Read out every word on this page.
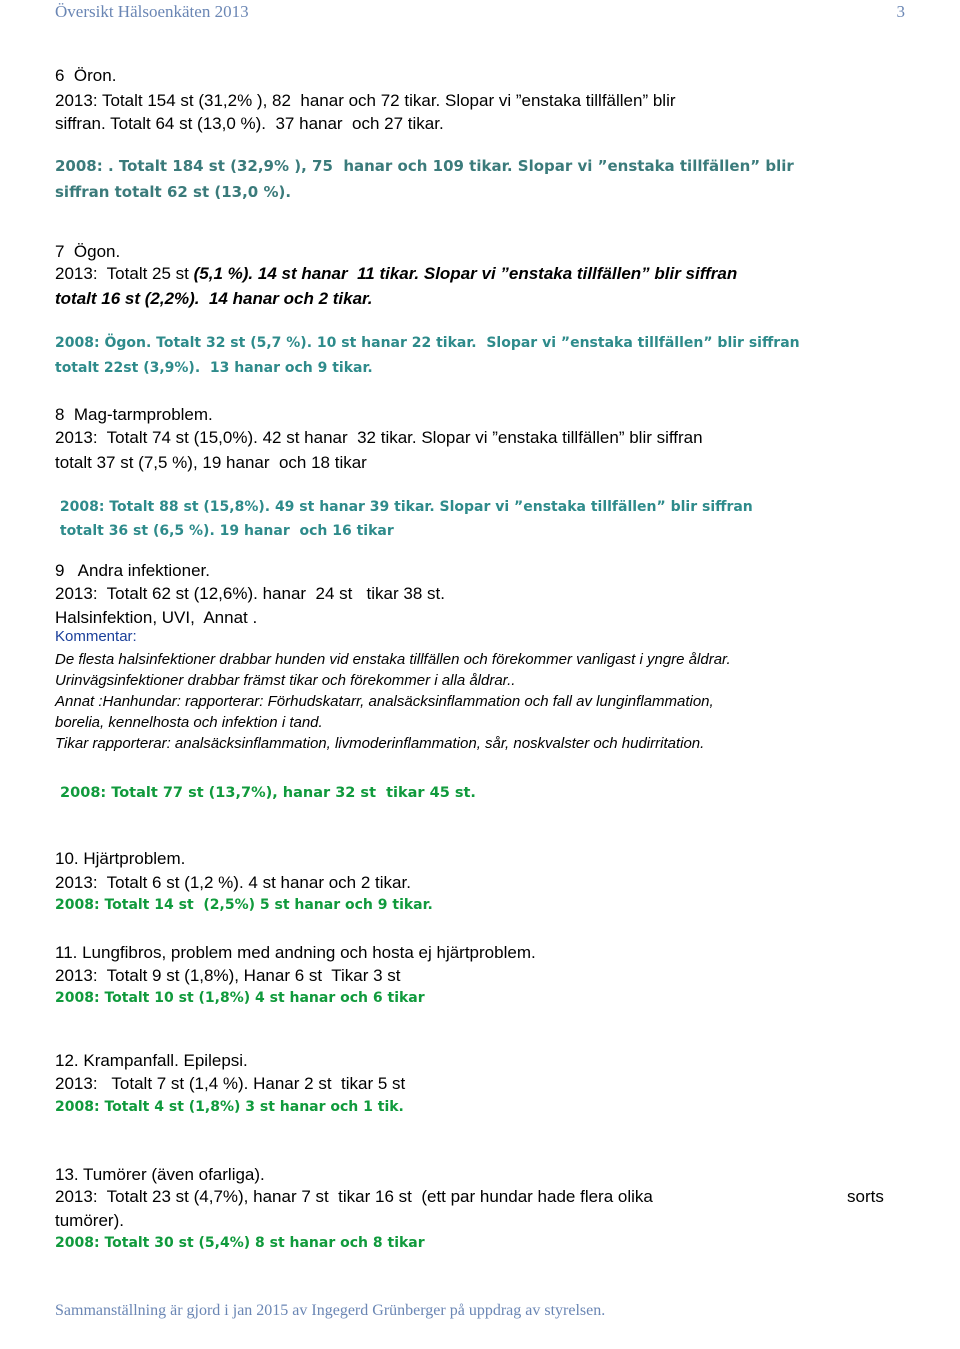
Översikt Hälsoenkäten 2013	3
6  Öron.
2013: Totalt 154 st (31,2% ), 82  hanar och 72 tikar. Slopar vi ”enstaka tillfällen” blir
siffran. Totalt 64 st (13,0 %).  37 hanar  och 27 tikar.
2008: . Totalt 184 st (32,9% ), 75  hanar och 109 tikar. Slopar vi ”enstaka tillfällen” blir
siffran totalt 62 st (13,0 %).
7  Ögon.
2013:  Totalt 25 st (5,1 %). 14 st hanar  11 tikar. Slopar vi ”enstaka tillfällen” blir siffran
totalt 16 st (2,2%).  14 hanar och 2 tikar.
2008: Ögon. Totalt 32 st (5,7 %). 10 st hanar 22 tikar.  Slopar vi ”enstaka tillfällen” blir siffran
totalt 22st (3,9%).  13 hanar och 9 tikar.
8  Mag-tarmproblem.
2013:  Totalt 74 st (15,0%). 42 st hanar  32 tikar. Slopar vi ”enstaka tillfällen” blir siffran
totalt 37 st (7,5 %), 19 hanar  och 18 tikar
2008: Totalt 88 st (15,8%). 49 st hanar 39 tikar. Slopar vi ”enstaka tillfällen” blir siffran
totalt 36 st (6,5 %). 19 hanar  och 16 tikar
9   Andra infektioner.
2013:  Totalt 62 st (12,6%). hanar  24 st   tikar 38 st.
Halsinfektion, UVI,  Annat .
Kommentar:
De flesta halsinfektioner drabbar hunden vid enstaka tillfällen och förekommer vanligast i yngre åldrar.
Urinvägsinfektioner drabbar främst tikar och förekommer i alla åldrar..
Annat :Hanhundar: rapporterar: Förhudskatarr, analsäcksinflammation och fall av lunginflammation,
borelia, kennelhosta och infektion i tand.
Tikar rapporterar: analsäcksinflammation, livmoderinflammation, sår, noskvalster och hudirritation.
2008: Totalt 77 st (13,7%), hanar 32 st  tikar 45 st.
10. Hjärtproblem.
2013:  Totalt 6 st (1,2 %). 4 st hanar och 2 tikar.
2008: Totalt 14 st  (2,5%) 5 st hanar och 9 tikar.
11. Lungfibros, problem med andning och hosta ej hjärtproblem.
2013:  Totalt 9 st (1,8%), Hanar 6 st  Tikar 3 st
2008: Totalt 10 st (1,8%) 4 st hanar och 6 tikar
12. Krampanfall. Epilepsi.
2013:   Totalt 7 st (1,4 %). Hanar 2 st  tikar 5 st
2008: Totalt 4 st (1,8%) 3 st hanar och 1 tik.
13. Tumörer (även ofarliga).
2013:  Totalt 23 st (4,7%), hanar 7 st  tikar 16 st  (ett par hundar hade flera olika	sorts
tumörer).
2008: Totalt 30 st (5,4%) 8 st hanar och 8 tikar
Sammanställning är gjord i jan 2015 av Ingegerd Grünberger på uppdrag av styrelsen.
